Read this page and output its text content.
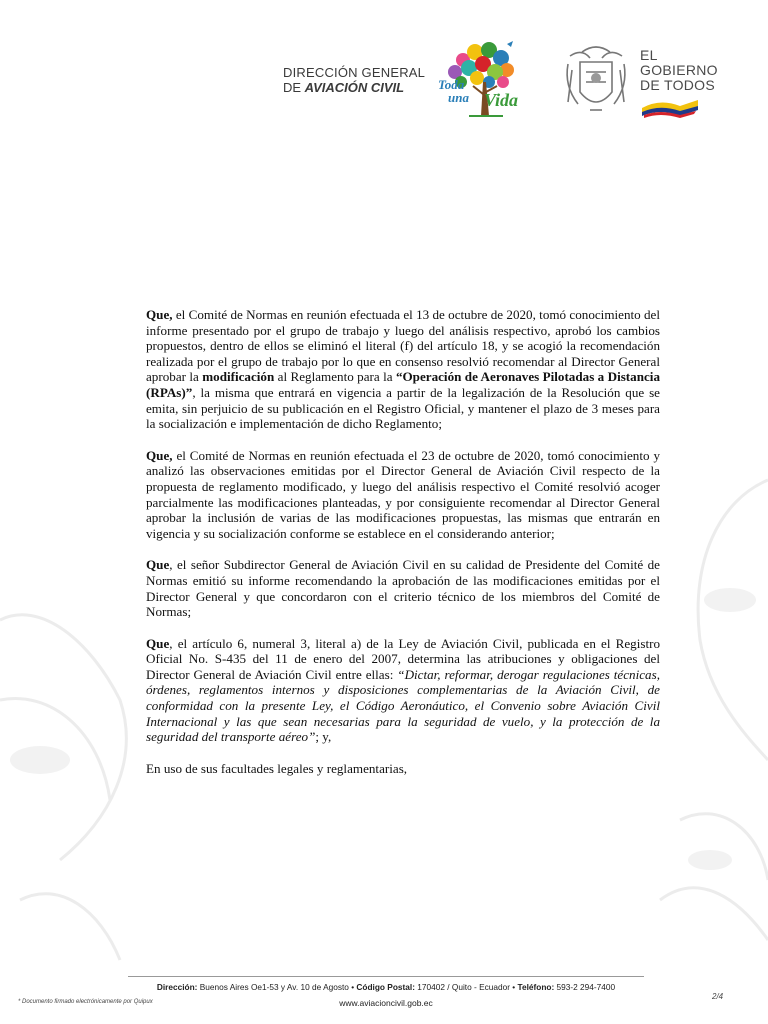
DIRECCIÓN GENERAL
DE AVIACIÓN CIVIL	Toda
una Vida
EL
GOBIERNO
DE TODOS

Que, el Comité de Normas en reunión efectuada el 13 de octubre de 2020, tomó conocimiento del informe presentado por el grupo de trabajo y luego del análisis respectivo, aprobó los cambios propuestos, dentro de ellos se eliminó el literal (f) del artículo 18, y se acogió la recomendación realizada por el grupo de trabajo por lo que en consenso resolvió recomendar al Director General aprobar la modificación al Reglamento para la “Operación de Aeronaves Pilotadas a Distancia (RPAs)”, la misma que entrará en vigencia a partir de la legalización de la Resolución que se emita, sin perjuicio de su publicación en el Registro Oficial, y mantener el plazo de 3 meses para la socialización e implementación de dicho Reglamento;

Que, el Comité de Normas en reunión efectuada el 23 de octubre de 2020, tomó conocimiento y analizó las observaciones emitidas por el Director General de Aviación Civil respecto de la propuesta de reglamento modificado, y luego del análisis respectivo el Comité resolvió acoger parcialmente las modificaciones planteadas, y por consiguiente recomendar al Director General aprobar la inclusión de varias de las modificaciones propuestas, las mismas que entrarán en vigencia y su socialización conforme se establece en el considerando anterior;

Que, el señor Subdirector General de Aviación Civil en su calidad de Presidente del Comité de Normas emitió su informe recomendando la aprobación de las modificaciones emitidas por el Director General y que concordaron con el criterio técnico de los miembros del Comité de Normas;

Que, el artículo 6, numeral 3, literal a) de la Ley de Aviación Civil, publicada en el Registro Oficial No. S-435 del 11 de enero del 2007, determina las atribuciones y obligaciones del Director General de Aviación Civil entre ellas: “Dictar, reformar, derogar regulaciones técnicas, órdenes, reglamentos internos y disposiciones complementarias de la Aviación Civil, de conformidad con la presente Ley, el Código Aeronáutico, el Convenio sobre Aviación Civil Internacional y las que sean necesarias para la seguridad de vuelo, y la protección de la seguridad del transporte aéreo”; y,

En uso de sus facultades legales y reglamentarias,

Dirección: Buenos Aires Oe1-53 y Av. 10 de Agosto • Código Postal: 170402 / Quito - Ecuador • Teléfono: 593-2 294-7400
www.aviacioncivil.gob.ec
* Documento firmado electrónicamente por Quipux
2/4
